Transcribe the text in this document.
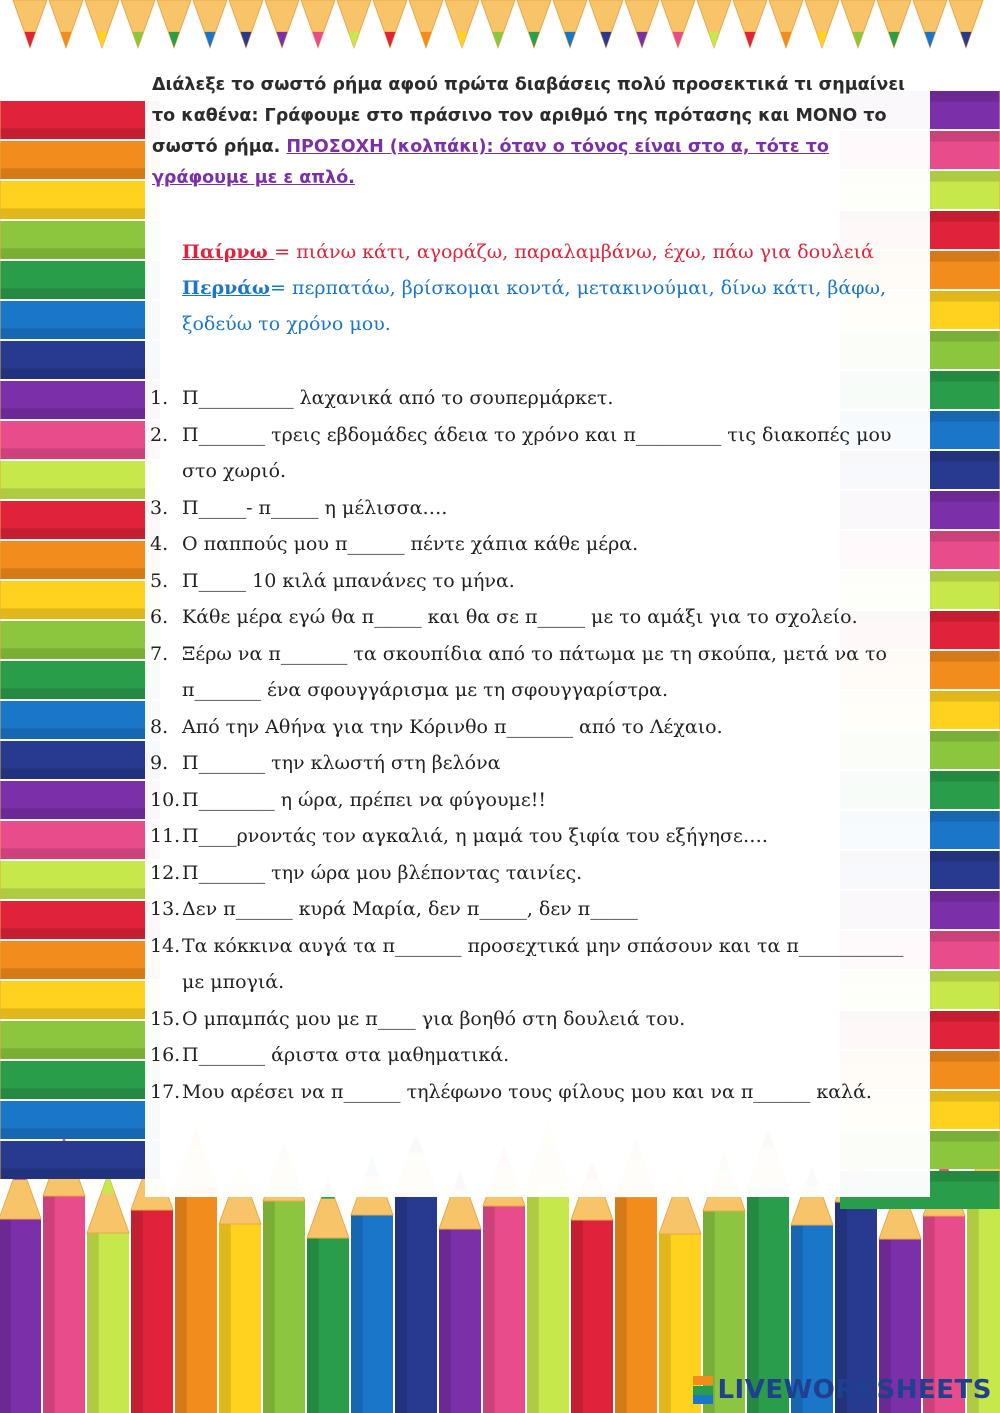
Διάλεξε το σωστό ρήμα αφού πρώτα διαβάσεις πολύ προσεκτικά τι σημαίνει το καθένα: Γράφουμε στο πράσινο τον αριθμό της πρότασης και ΜΟΝΟ το σωστό ρήμα. ΠΡΟΣΟΧΗ (κολπάκι): όταν ο τόνος είναι στο α, τότε το γράφουμε με ε απλό.
Παίρνω = πιάνω κάτι, αγοράζω, παραλαμβάνω, έχω, πάω για δουλειά
Περνάω= περπατάω, βρίσκομαι κοντά, μετακινούμαι, δίνω κάτι, βάφω, ξοδεύω το χρόνο μου.
1. Π__________ λαχανικά από το σουπερμάρκετ.
2. Π_______ τρεις εβδομάδες άδεια το χρόνο και π_________ τις διακοπές μου στο χωριό.
3. Π_____- π_____ η μέλισσα….
4. Ο παππούς μου π______ πέντε χάπια κάθε μέρα.
5. Π_____ 10 κιλά μπανάνες το μήνα.
6. Κάθε μέρα εγώ θα π_____ και θα σε π_____ με το αμάξι για το σχολείο.
7. Ξέρω να π_______ τα σκουπίδια από το πάτωμα με τη σκούπα, μετά να το π_______ ένα σφουγγάρισμα με τη σφουγγαρίστρα.
8. Από την Αθήνα για την Κόρινθο π_______ από το Λέχαιο.
9. Π_______ την κλωστή στη βελόνα
10. Π________ η ώρα, πρέπει να φύγουμε!!
11. Π____ρνοντάς τον αγκαλιά, η μαμά του ξιφία του εξήγησε….
12. Π_______ την ώρα μου βλέποντας ταινίες.
13. Δεν π______ κυρά Μαρία, δεν π_____, δεν π_____
14. Τα κόκκινα αυγά τα π_______ προσεχτικά μην σπάσουν και τα π___________ με μπογιά.
15. Ο μπαμπάς μου με π____ για βοηθό στη δουλειά του.
16. Π_______ άριστα στα μαθηματικά.
17. Μου αρέσει να π______ τηλέφωνο τους φίλους μου και να π______ καλά.
LIVEWORKSHEETS
